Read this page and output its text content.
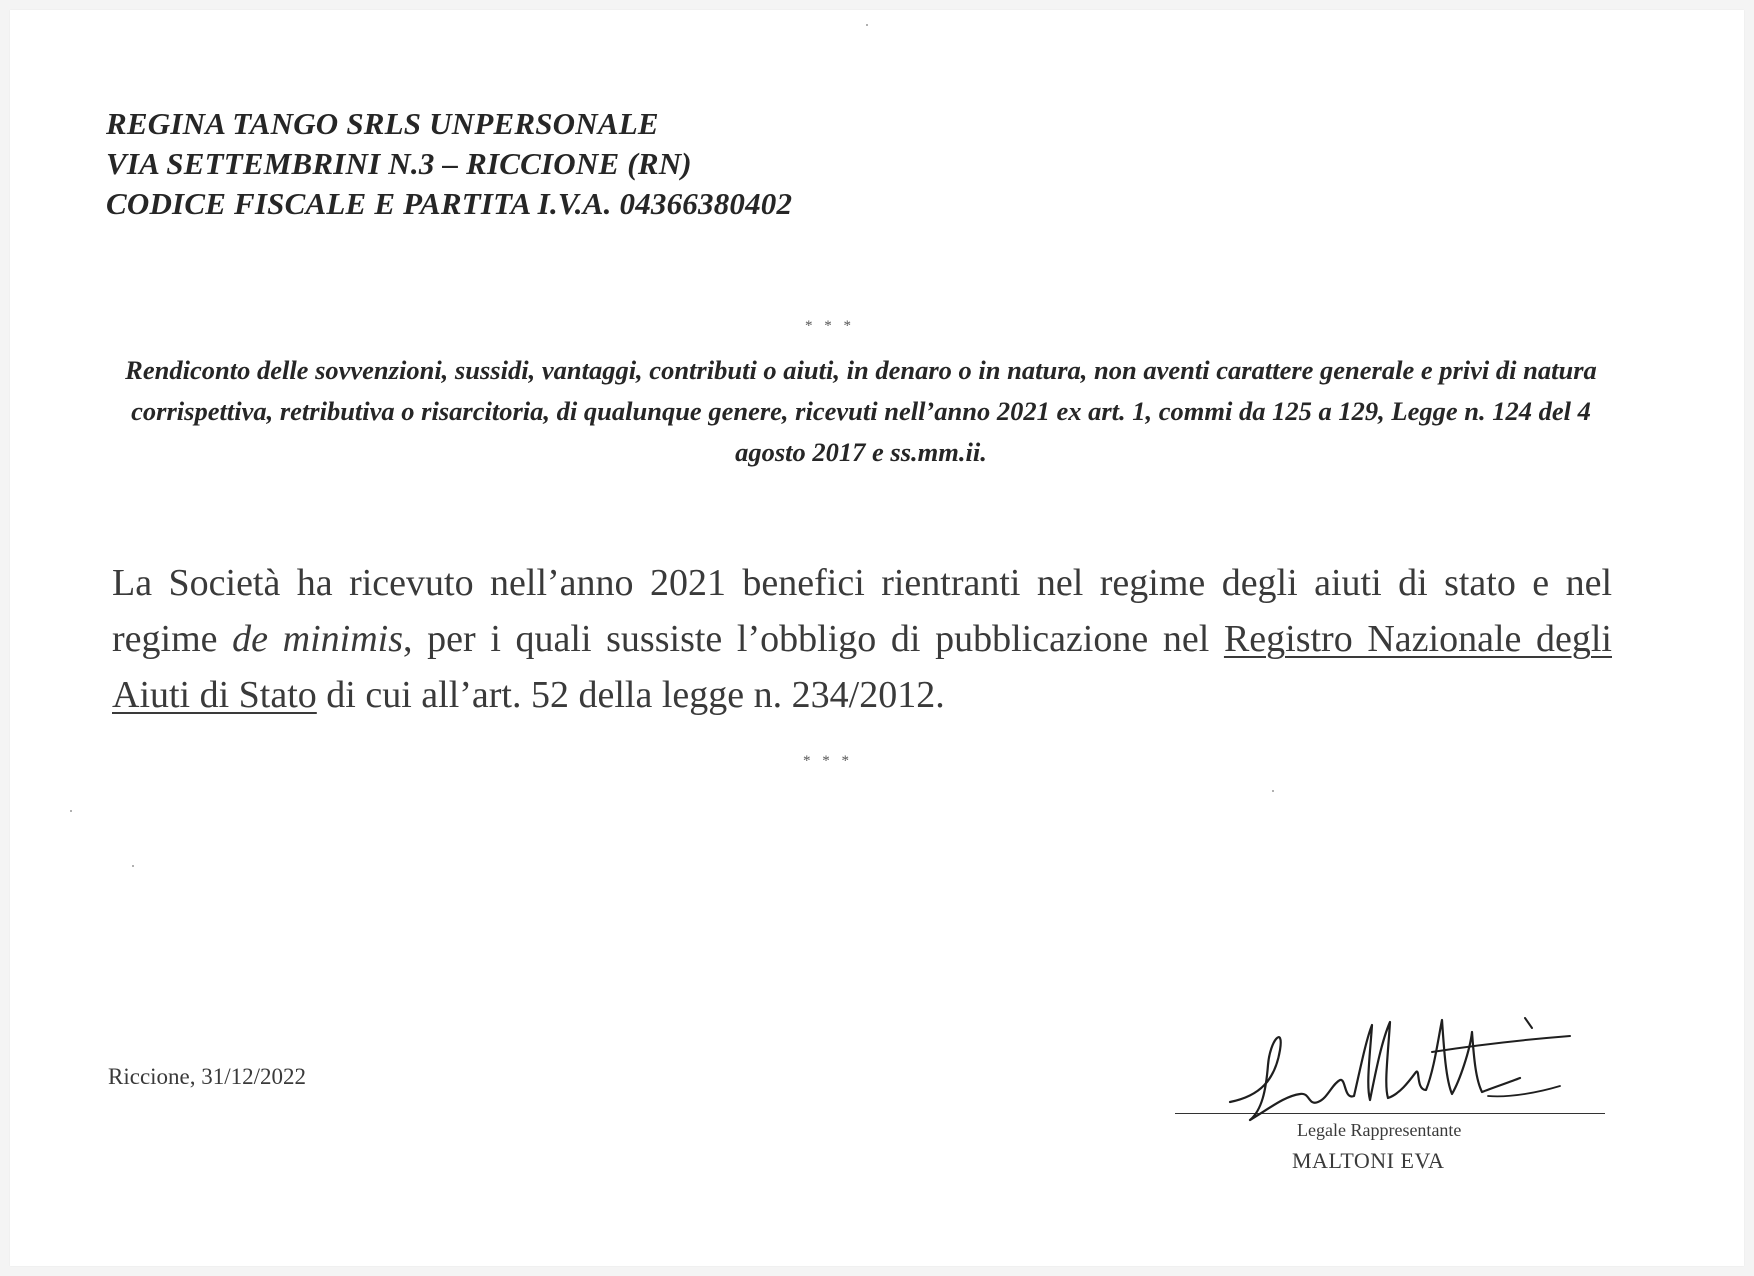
REGINA TANGO SRLS UNPERSONALE
VIA SETTEMBRINI N.3 – RICCIONE (RN)
CODICE FISCALE E PARTITA I.V.A. 04366380402
* * *
Rendiconto delle sovvenzioni, sussidi, vantaggi, contributi o aiuti, in denaro o in natura, non aventi carattere generale e privi di natura corrispettiva, retributiva o risarcitoria, di qualunque genere, ricevuti nell’anno 2021 ex art. 1, commi da 125 a 129, Legge n. 124 del 4 agosto 2017 e ss.mm.ii.
La Società ha ricevuto nell’anno 2021 benefici rientranti nel regime degli aiuti di stato e nel regime de minimis, per i quali sussiste l’obbligo di pubblicazione nel Registro Nazionale degli Aiuti di Stato di cui all’art. 52 della legge n. 234/2012.
* * *
Riccione, 31/12/2022
Legale Rappresentante
MALTONI EVA
